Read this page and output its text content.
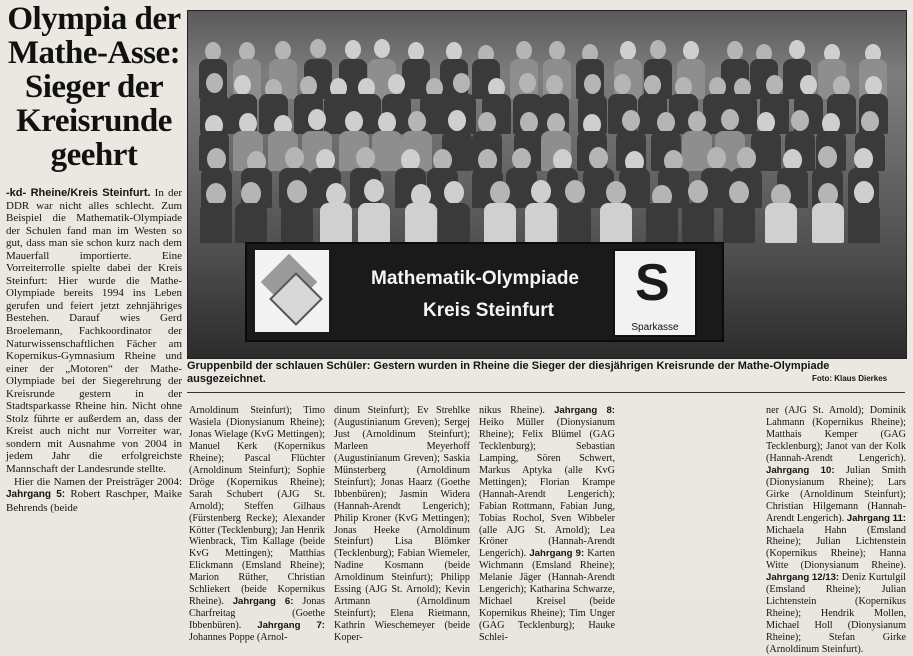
Olympia der
Mathe-Asse:
Sieger der
Kreisrunde
geehrt

-kd- Rheine/Kreis Steinfurt. In der DDR war nicht alles schlecht. Zum Beispiel die Mathematik-Olympiade der Schulen fand man im Westen so gut, dass man sie schon kurz nach dem Mauerfall importierte. Eine Vorreiterrolle spielte dabei der Kreis Steinfurt: Hier wurde die Mathe-Olympiade bereits 1994 ins Leben gerufen und feiert jetzt zehnjähriges Bestehen. Darauf wies Gerd Broelemann, Fachkoordinator der Naturwissenschaftlichen Fächer am Kopernikus-Gymnasium Rheine und einer der „Motoren“ der Mathe-Olympiade bei der Siegerehrung der Kreisrunde gestern in der Stadtsparkasse Rheine hin. Nicht ohne Stolz führte er außerdem an, dass der Kreist auch nicht nur Vorreiter war, sondern mit Ausnahme von 2004 in jedem Jahr die erfolgreichste Mannschaft der Landesrunde stellte.

Hier die Namen der Preisträger 2004: Jahrgang 5: Robert Raschper, Maike Behrends (beide

Mathematik-Olympiade
Kreis Steinfurt S
Sparkasse
Gruppenbild der schlauen Schüler: Gestern wurden in Rheine die Sieger der diesjährigen Kreisrunde der Mathe-Olympiade ausgezeichnet.	Foto: Klaus Dierkes
Arnoldinum Steinfurt); Timo Wasiela (Dionysianum Rheine); Jonas Wielage (KvG Mettingen); Manuel Kerk (Kopernikus Rheine); Pascal Flüchter (Arnoldinum Steinfurt); Sophie Dröge (Kopernikus Rheine); Sarah Schubert (AJG St. Arnold); Steffen Gilhaus (Fürstenberg Recke); Alexander Kötter (Tecklenburg); Jan Henrik Wienbrack, Tim Kallage (beide KvG Mettingen); Matthias Elickmann (Emsland Rheine); Marion Rüther, Christian Schliekert (beide Kopernikus Rheine). Jahrgang 6: Jonas Charfreitag (Goethe Ibbenbüren). Jahrgang 7: Johannes Poppe (Arnol-
dinum Steinfurt); Ev Strehlke (Augustinianum Greven); Sergej Just (Arnoldinum Steinfurt); Marleen Meyerhoff (Augustinianum Greven); Saskia Münsterberg (Arnoldinum Steinfurt); Jonas Haarz (Goethe Ibbenbüren); Jasmin Widera (Hannah-Arendt Lengerich); Philip Kroner (KvG Mettingen); Jonas Heeke (Arnoldinum Steinfurt) Lisa Blömker (Tecklenburg); Fabian Wiemeler, Nadine Kosmann (beide Arnoldinum Steinfurt); Philipp Essing (AJG St. Arnold); Kevin Artmann (Arnoldinum Steinfurt); Elena Rietmann, Kathrin Wieschemeyer (beide Koper-
nikus Rheine). Jahrgang 8: Heiko Müller (Dionysianum Rheine); Felix Blümel (GAG Tecklenburg); Sebastian Lamping, Sören Schwert, Markus Aptyka (alle KvG Mettingen); Florian Krampe (Hannah-Arendt Lengerich); Fabian Rottmann, Fabian Jung, Tobias Rochol, Sven Wibbeler (alle AJG St. Arnold); Lea Kröner (Hannah-Arendt Lengerich). Jahrgang 9: Karten Wichmann (Emsland Rheine); Melanie Jäger (Hannah-Arendt Lengerich); Katharina Schwarze, Michael Kreisel (beide Kopernikus Rheine); Tim Unger (GAG Tecklenburg); Hauke Schlei-
ner (AJG St. Arnold); Dominik Lahmann (Kopernikus Rheine); Matthais Kemper (GAG Tecklenburg); Janot van der Kolk (Hannah-Arendt Lengerich). Jahrgang 10: Julian Smith (Dionysianum Rheine); Lars Girke (Arnoldinum Steinfurt); Christian Hilgemann (Hannah-Arendt Lengerich). Jahrgang 11: Michaela Hahn (Emsland Rheine); Julian Lichtenstein (Kopernikus Rheine); Hanna Witte (Dionysianum Rheine). Jahrgang 12/13: Deniz Kurtulgil (Emsland Rheine); Julian Lichtenstein (Kopernikus Rheine); Hendrik Mollen, Michael Holl (Dionysianum Rheine); Stefan Girke (Arnoldinum Steinfurt).
